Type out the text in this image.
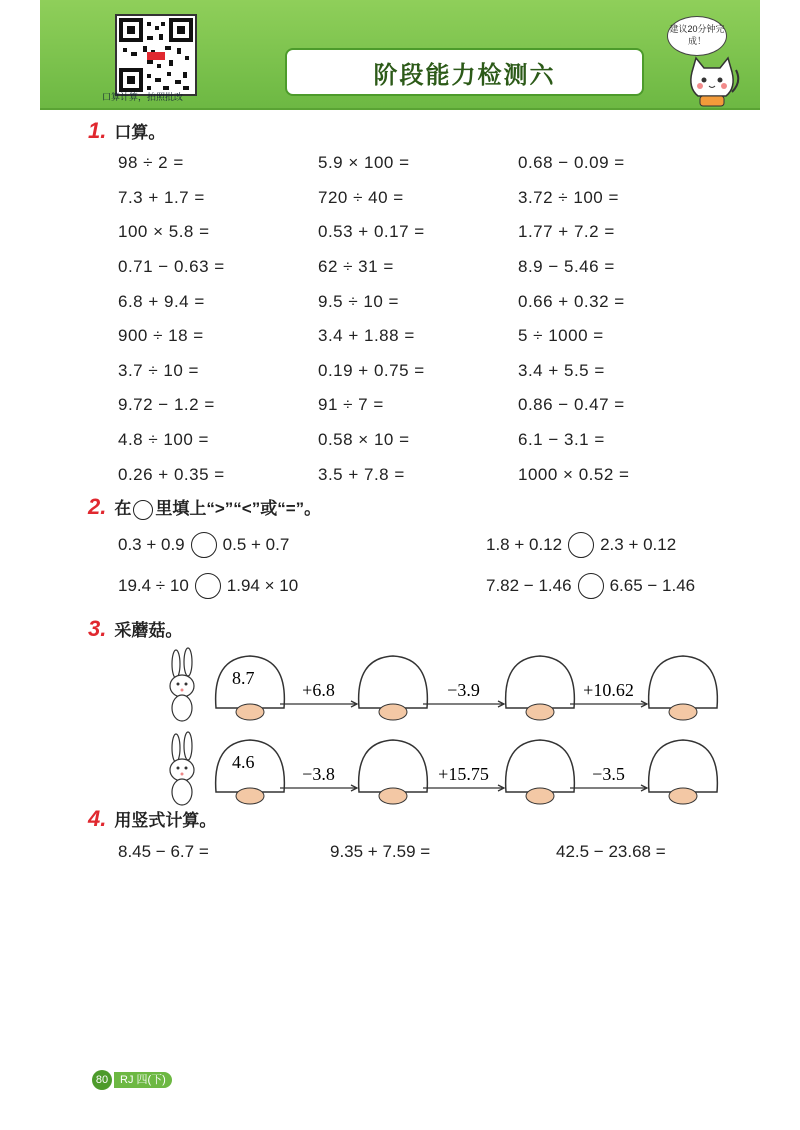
口算计算，拍照批改
阶段能力检测六
建议20分钟完成！
1. 口算。
98 ÷ 2 =	5.9 × 100 =	0.68 − 0.09 =
7.3 + 1.7 =	720 ÷ 40 =	3.72 ÷ 100 =
100 × 5.8 =	0.53 + 0.17 =	1.77 + 7.2 =
0.71 − 0.63 =	62 ÷ 31 =	8.9 − 5.46 =
6.8 + 9.4 =	9.5 ÷ 10 =	0.66 + 0.32 =
900 ÷ 18 =	3.4 + 1.88 =	5 ÷ 1000 =
3.7 ÷ 10 =	0.19 + 0.75 =	3.4 + 5.5 =
9.72 − 1.2 =	91 ÷ 7 =	0.86 − 0.47 =
4.8 ÷ 100 =	0.58 × 10 =	6.1 − 3.1 =
0.26 + 0.35 =	3.5 + 7.8 =	1000 × 0.52 =
2. 在 里填上“>”“<”或“=”。
0.3 + 0.9 0.5 + 0.7	1.8 + 0.12 2.3 + 0.12
19.4 ÷ 10 1.94 × 10	7.82 − 1.46 6.65 − 1.46
3. 采蘑菇。
8.7
+6.8	−3.9	+10.62
4.6
−3.8	+15.75	−3.5
4. 用竖式计算。
8.45 − 6.7 =	9.35 + 7.59 =	42.5 − 23.68 =
80	RJ 四(下)
